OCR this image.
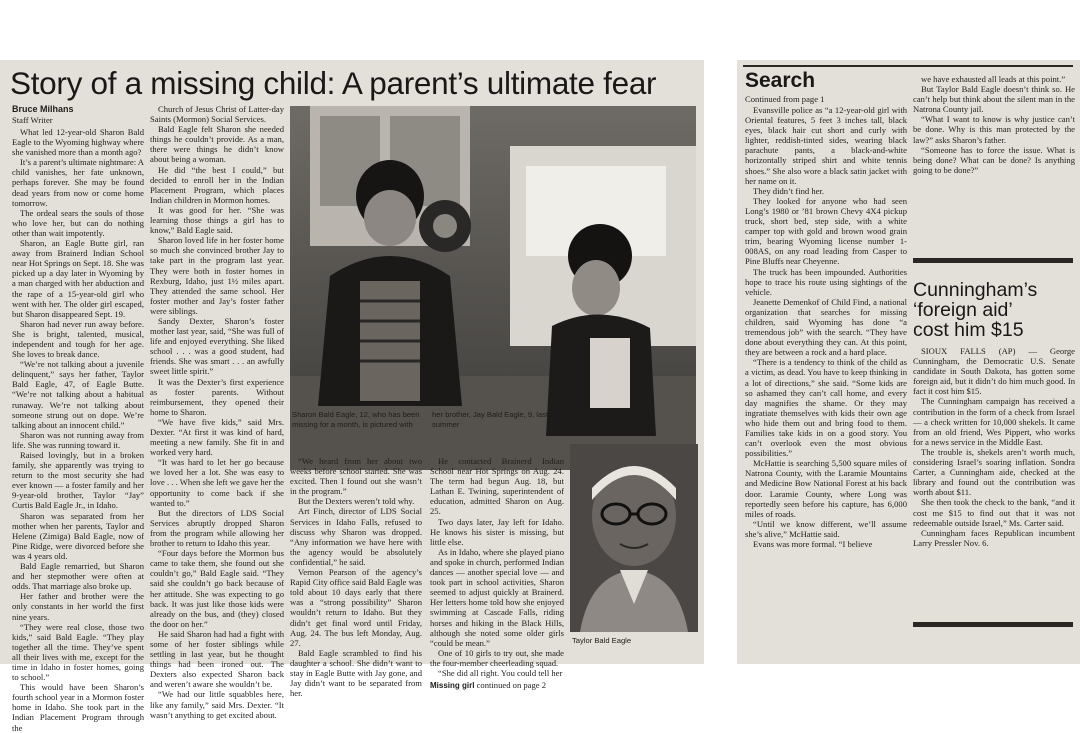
Story of a missing child: A parent’s ultimate fear
Bruce Milhans
Staff Writer

What led 12-year-old Sharon Bald Eagle to the Wyoming highway where she vanished more than a month ago?

It’s a parent’s ultimate nightmare: A child vanishes, her fate unknown, perhaps forever. She may be found dead years from now or come home tomorrow.

The ordeal sears the souls of those who love her, but can do nothing other than wait impotently.

Sharon, an Eagle Butte girl, ran away from Brainerd Indian School near Hot Springs on Sept. 18. She was picked up a day later in Wyoming by a man charged with her abduction and the rape of a 15-year-old girl who went with her. The older girl escaped, but Sharon disappeared Sept. 19.

Sharon had never run away before. She is bright, talented, musical, independent and tough for her age. She loves to break dance.

“We’re not talking about a juvenile delinquent,” says her father, Taylor Bald Eagle, 47, of Eagle Butte. “We’re not talking about a habitual runaway. We’re not talking about someone strung out on dope. We’re talking about an innocent child.”

Sharon was not running away from life. She was running toward it.

Raised lovingly, but in a broken family, she apparently was trying to return to the most security she had ever known — a foster family and her 9-year-old brother, Taylor “Jay” Curtis Bald Eagle Jr., in Idaho.

Sharon was separated from her mother when her parents, Taylor and Helene (Zimiga) Bald Eagle, now of Pine Ridge, were divorced before she was 4 years old.

Bald Eagle remarried, but Sharon and her stepmother were often at odds. That marriage also broke up.

Her father and brother were the only constants in her world the first nine years.

“They were real close, those two kids,” said Bald Eagle. “They play together all the time. They’ve spent all their lives with me, except for the time in Idaho in foster homes, going to school.”

This would have been Sharon’s fourth school year in a Mormon foster home in Idaho. She took part in the Indian Placement Program through the

Church of Jesus Christ of Latter-day Saints (Mormon) Social Services.

Bald Eagle felt Sharon she needed things he couldn’t provide. As a man, there were things he didn’t know about being a woman.

He did “the best I could,” but decided to enroll her in the Indian Placement Program, which places Indian children in Mormon homes.

It was good for her. “She was learning those things a girl has to know,” Bald Eagle said.

Sharon loved life in her foster home so much she convinced brother Jay to take part in the program last year. They were both in foster homes in Rexburg, Idaho, just 1½ miles apart. They attended the same school. Her foster mother and Jay’s foster father were siblings.

Sandy Dexter, Sharon’s foster mother last year, said, “She was full of life and enjoyed everything. She liked school . . . was a good student, had friends. She was smart . . . an awfully sweet little spirit.”

It was the Dexter’s first experience as foster parents. Without reimbursement, they opened their home to Sharon.

“We have five kids,” said Mrs. Dexter. “At first it was kind of hard, meeting a new family. She fit in and worked very hard.

“It was hard to let her go because we loved her a lot. She was easy to love . . . When she left we gave her the opportunity to come back if she wanted to.”

But the directors of LDS Social Services abruptly dropped Sharon from the program while allowing her brother to return to Idaho this year.

“Four days before the Mormon bus came to take them, she found out she couldn’t go,” Bald Eagle said. “They said she couldn’t go back because of her attitude. She was expecting to go back. It was just like those kids were already on the bus, and (they) closed the door on her.”

He said Sharon had had a fight with some of her foster siblings while settling in last year, but he thought things had been ironed out. The Dexters also expected Sharon back and weren’t aware she wouldn’t be.

“We had our little squabbles here, like any family,” said Mrs. Dexter. “It wasn’t anything to get excited about.

Sharon Bald Eagle, 12, who has been missing for a month, is pictured with
her brother, Jay Bald Eagle, 9, last summer

“We heard from her about two weeks before school started. She was excited. Then I found out she wasn’t in the program.”

But the Dexters weren’t told why.

Art Finch, director of LDS Social Services in Idaho Falls, refused to discuss why Sharon was dropped. “Any information we have here with the agency would be absolutely confidential,” he said.

Vernon Pearson of the agency’s Rapid City office said Bald Eagle was told about 10 days early that there was a “strong possibility” Sharon wouldn’t return to Idaho. But they didn’t get final word until Friday, Aug. 24. The bus left Monday, Aug. 27.

Bald Eagle scrambled to find his daughter a school. She didn’t want to stay in Eagle Butte with Jay gone, and Jay didn’t want to be separated from her.

He contacted Brainerd Indian School near Hot Springs on Aug. 24. The term had begun Aug. 18, but Lathan E. Twining, superintendent of education, admitted Sharon on Aug. 25.

Two days later, Jay left for Idaho. He knows his sister is missing, but little else.

As in Idaho, where she played piano and spoke in church, performed Indian dances — another special love — and took part in school activities, Sharon seemed to adjust quickly at Brainerd. Her letters home told how she enjoyed swimming at Cascade Falls, riding horses and hiking in the Black Hills, although she noted some older girls “could be mean.”

One of 10 girls to try out, she made the four-member cheerleading squad.

“She did all right. You could tell her

Missing girl continued on page 2
Taylor Bald Eagle
Search
Continued from page 1

Evansville police as “a 12-year-old girl with Oriental features, 5 feet 3 inches tall, black eyes, black hair cut short and curly with lighter, reddish-tinted sides, wearing black parachute pants, a black-and-white horizontally striped shirt and white tennis shoes.” She also wore a black satin jacket with her name on it.

They didn’t find her.

They looked for anyone who had seen Long’s 1980 or ’81 brown Chevy 4X4 pickup truck, short bed, step side, with a white camper top with gold and brown wood grain trim, bearing Wyoming license number 1-008AS, on any road leading from Casper to Pine Bluffs near Cheyenne.

The truck has been impounded. Authorities hope to trace his route using sightings of the vehicle.

Jeanette Demenkof of Child Find, a national organization that searches for missing children, said Wyoming has done “a tremendous job” with the search. “They have done about everything they can. At this point, they are between a rock and a hard place.

“There is a tendency to think of the child as a victim, as dead. You have to keep thinking in a lot of directions,” she said. “Some kids are so ashamed they can’t call home, and every day magnifies the shame. Or they may ingratiate themselves with kids their own age who hide them out and bring food to them. Families take kids in on a good story. You can’t overlook even the most obvious possibilities.”

McHattie is searching 5,500 square miles of Natrona County, with the Laramie Mountains and Medicine Bow National Forest at his back door. Laramie County, where Long was reportedly seen before his capture, has 6,000 miles of roads.

“Until we know different, we’ll assume she’s alive,” McHattie said.

Evans was more formal. “I believe

we have exhausted all leads at this point.”

But Taylor Bald Eagle doesn’t think so. He can’t help but think about the silent man in the Natrona County jail.

“What I want to know is why justice can’t be done. Why is this man protected by the law?” asks Sharon’s father.

“Someone has to force the issue. What is being done? What can be done? Is anything going to be done?”

Cunningham’s
‘foreign aid’
cost him $15

SIOUX FALLS (AP) — George Cunningham, the Democratic U.S. Senate candidate in South Dakota, has gotten some foreign aid, but it didn’t do him much good. In fact it cost him $15.

The Cunningham campaign has received a contribution in the form of a check from Israel — a check written for 10,000 shekels. It came from an old friend, Wes Pippert, who works for a news service in the Middle East.

The trouble is, shekels aren’t worth much, considering Israel’s soaring inflation. Sondra Carter, a Cunningham aide, checked at the library and found out the contribution was worth about $11.

She then took the check to the bank, “and it cost me $15 to find out that it was not redeemable outside Israel,” Ms. Carter said.

Cunningham faces Republican incumbent Larry Pressler Nov. 6.
